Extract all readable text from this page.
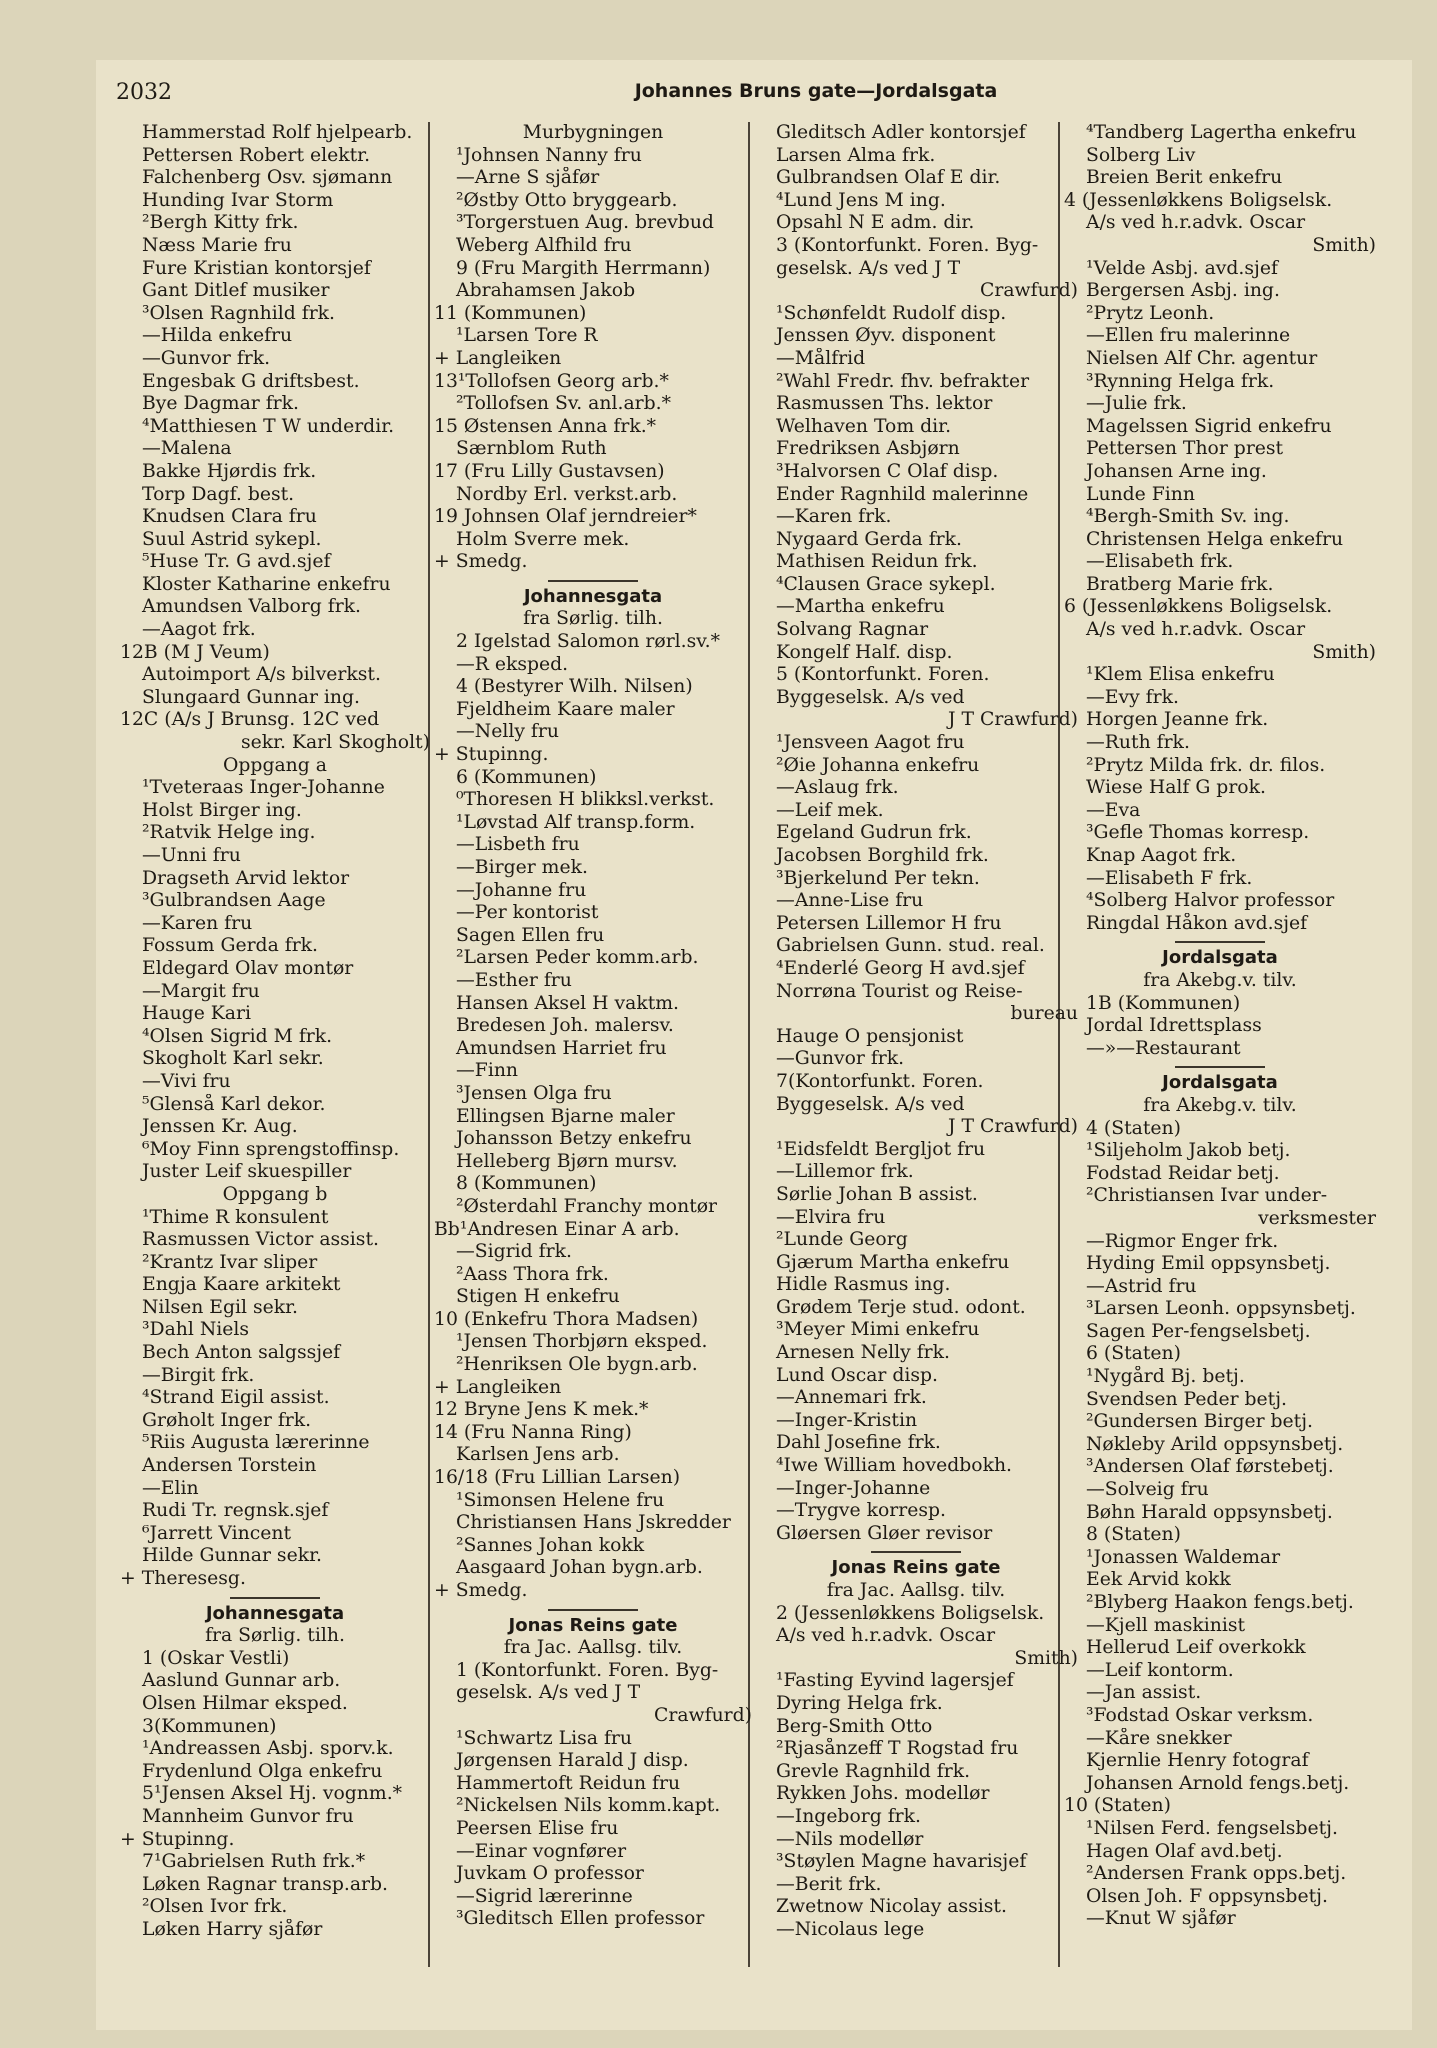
2032	Johannes Bruns gate—Jordalsgata
Hammerstad Rolf hjelpearb.
Pettersen Robert elektr.
Falchenberg Osv. sjømann
Hunding Ivar Storm
²Bergh Kitty frk.
Næss Marie fru
Fure Kristian kontorsjef
Gant Ditlef musiker
³Olsen Ragnhild frk.
—Hilda enkefru
—Gunvor frk.
Engesbak G driftsbest.
Bye Dagmar frk.
⁴Matthiesen T W underdir.
—Malena
Bakke Hjørdis frk.
Torp Dagf. best.
Knudsen Clara fru
Suul Astrid sykepl.
⁵Huse Tr. G avd.sjef
Kloster Katharine enkefru
Amundsen Valborg frk.
—Aagot frk.
12B (M J Veum)
Autoimport A/s bilverkst.
Slungaard Gunnar ing.
12C (A/s J Brunsg. 12C ved
sekr. Karl Skogholt)
Oppgang a
¹Tveteraas Inger-Johanne
Holst Birger ing.
²Ratvik Helge ing.
—Unni fru
Dragseth Arvid lektor
³Gulbrandsen Aage
—Karen fru
Fossum Gerda frk.
Eldegard Olav montør
—Margit fru
Hauge Kari
⁴Olsen Sigrid M frk.
Skogholt Karl sekr.
—Vivi fru
⁵Glenså Karl dekor.
Jenssen Kr. Aug.
⁶Moy Finn sprengstoffinsp.
Juster Leif skuespiller
Oppgang b
¹Thime R konsulent
Rasmussen Victor assist.
²Krantz Ivar sliper
Engja Kaare arkitekt
Nilsen Egil sekr.
³Dahl Niels
Bech Anton salgssjef
—Birgit frk.
⁴Strand Eigil assist.
Grøholt Inger frk.
⁵Riis Augusta lærerinne
Andersen Torstein
—Elin
Rudi Tr. regnsk.sjef
⁶Jarrett Vincent
Hilde Gunnar sekr.
+ Theresesg.
Johannesgata
fra Sørlig. tilh.
1 (Oskar Vestli)
Aaslund Gunnar arb.
Olsen Hilmar eksped.
3(Kommunen)
¹Andreassen Asbj. sporv.k.
Frydenlund Olga enkefru
5¹Jensen Aksel Hj. vognm.*
Mannheim Gunvor fru
+ Stupinng.
7¹Gabrielsen Ruth frk.*
Løken Ragnar transp.arb.
²Olsen Ivor frk.
Løken Harry sjåfør
Murbygningen
¹Johnsen Nanny fru
—Arne S sjåfør
²Østby Otto bryggearb.
³Torgerstuen Aug. brevbud
Weberg Alfhild fru
9 (Fru Margith Herrmann)
Abrahamsen Jakob
11 (Kommunen)
¹Larsen Tore R
+ Langleiken
13¹Tollofsen Georg arb.*
²Tollofsen Sv. anl.arb.*
15 Østensen Anna frk.*
Særnblom Ruth
17 (Fru Lilly Gustavsen)
Nordby Erl. verkst.arb.
19 Johnsen Olaf jerndreier*
Holm Sverre mek.
+ Smedg.
Johannesgata
fra Sørlig. tilh.
2 Igelstad Salomon rørl.sv.*
—R eksped.
4 (Bestyrer Wilh. Nilsen)
Fjeldheim Kaare maler
—Nelly fru
+ Stupinng.
6 (Kommunen)
⁰Thoresen H blikksl.verkst.
¹Løvstad Alf transp.form.
—Lisbeth fru
—Birger mek.
—Johanne fru
—Per kontorist
Sagen Ellen fru
²Larsen Peder komm.arb.
—Esther fru
Hansen Aksel H vaktm.
Bredesen Joh. malersv.
Amundsen Harriet fru
—Finn
³Jensen Olga fru
Ellingsen Bjarne maler
Johansson Betzy enkefru
Helleberg Bjørn mursv.
8 (Kommunen)
²Østerdahl Franchy montør
Bb¹Andresen Einar A arb.
—Sigrid frk.
²Aass Thora frk.
Stigen H enkefru
10 (Enkefru Thora Madsen)
¹Jensen Thorbjørn eksped.
²Henriksen Ole bygn.arb.
+ Langleiken
12 Bryne Jens K mek.*
14 (Fru Nanna Ring)
Karlsen Jens arb.
16/18 (Fru Lillian Larsen)
¹Simonsen Helene fru
Christiansen Hans Jskredder
²Sannes Johan kokk
Aasgaard Johan bygn.arb.
+ Smedg.
Jonas Reins gate
fra Jac. Aallsg. tilv.
1 (Kontorfunkt. Foren. Byg-
geselsk. A/s ved J T
Crawfurd)
¹Schwartz Lisa fru
Jørgensen Harald J disp.
Hammertoft Reidun fru
²Nickelsen Nils komm.kapt.
Peersen Elise fru
—Einar vognfører
Juvkam O professor
—Sigrid lærerinne
³Gleditsch Ellen professor
Gleditsch Adler kontorsjef
Larsen Alma frk.
Gulbrandsen Olaf E dir.
⁴Lund Jens M ing.
Opsahl N E adm. dir.
3 (Kontorfunkt. Foren. Byg-
geselsk. A/s ved J T
Crawfurd)
¹Schønfeldt Rudolf disp.
Jenssen Øyv. disponent
—Målfrid
²Wahl Fredr. fhv. befrakter
Rasmussen Ths. lektor
Welhaven Tom dir.
Fredriksen Asbjørn
³Halvorsen C Olaf disp.
Ender Ragnhild malerinne
—Karen frk.
Nygaard Gerda frk.
Mathisen Reidun frk.
⁴Clausen Grace sykepl.
—Martha enkefru
Solvang Ragnar
Kongelf Half. disp.
5 (Kontorfunkt. Foren.
Byggeselsk. A/s ved
J T Crawfurd)
¹Jensveen Aagot fru
²Øie Johanna enkefru
—Aslaug frk.
—Leif mek.
Egeland Gudrun frk.
Jacobsen Borghild frk.
³Bjerkelund Per tekn.
—Anne-Lise fru
Petersen Lillemor H fru
Gabrielsen Gunn. stud. real.
⁴Enderlé Georg H avd.sjef
Norrøna Tourist og Reise-
bureau
Hauge O pensjonist
—Gunvor frk.
7(Kontorfunkt. Foren.
Byggeselsk. A/s ved
J T Crawfurd)
¹Eidsfeldt Bergljot fru
—Lillemor frk.
Sørlie Johan B assist.
—Elvira fru
²Lunde Georg
Gjærum Martha enkefru
Hidle Rasmus ing.
Grødem Terje stud. odont.
³Meyer Mimi enkefru
Arnesen Nelly frk.
Lund Oscar disp.
—Annemari frk.
—Inger-Kristin
Dahl Josefine frk.
⁴Iwe William hovedbokh.
—Inger-Johanne
—Trygve korresp.
Gløersen Gløer revisor
Jonas Reins gate
fra Jac. Aallsg. tilv.
2 (Jessenløkkens Boligselsk.
A/s ved h.r.advk. Oscar
Smith)
¹Fasting Eyvind lagersjef
Dyring Helga frk.
Berg-Smith Otto
²Rjasånzeff T Rogstad fru
Grevle Ragnhild frk.
Rykken Johs. modellør
—Ingeborg frk.
—Nils modellør
³Støylen Magne havarisjef
—Berit frk.
Zwetnow Nicolay assist.
—Nicolaus lege
⁴Tandberg Lagertha enkefru
Solberg Liv
Breien Berit enkefru
4 (Jessenløkkens Boligselsk.
A/s ved h.r.advk. Oscar
Smith)
¹Velde Asbj. avd.sjef
Bergersen Asbj. ing.
²Prytz Leonh.
—Ellen fru malerinne
Nielsen Alf Chr. agentur
³Rynning Helga frk.
—Julie frk.
Magelssen Sigrid enkefru
Pettersen Thor prest
Johansen Arne ing.
Lunde Finn
⁴Bergh-Smith Sv. ing.
Christensen Helga enkefru
—Elisabeth frk.
Bratberg Marie frk.
6 (Jessenløkkens Boligselsk.
A/s ved h.r.advk. Oscar
Smith)
¹Klem Elisa enkefru
—Evy frk.
Horgen Jeanne frk.
—Ruth frk.
²Prytz Milda frk. dr. filos.
Wiese Half G prok.
—Eva
³Gefle Thomas korresp.
Knap Aagot frk.
—Elisabeth F frk.
⁴Solberg Halvor professor
Ringdal Håkon avd.sjef
Jordalsgata
fra Akebg.v. tilv.
1B (Kommunen)
Jordal Idrettsplass
—»—Restaurant
Jordalsgata
fra Akebg.v. tilv.
4 (Staten)
¹Siljeholm Jakob betj.
Fodstad Reidar betj.
²Christiansen Ivar under-
verksmester
—Rigmor Enger frk.
Hyding Emil oppsynsbetj.
—Astrid fru
³Larsen Leonh. oppsynsbetj.
Sagen Per-fengselsbetj.
6 (Staten)
¹Nygård Bj. betj.
Svendsen Peder betj.
²Gundersen Birger betj.
Nøkleby Arild oppsynsbetj.
³Andersen Olaf førstebetj.
—Solveig fru
Bøhn Harald oppsynsbetj.
8 (Staten)
¹Jonassen Waldemar
Eek Arvid kokk
²Blyberg Haakon fengs.betj.
—Kjell maskinist
Hellerud Leif overkokk
—Leif kontorm.
—Jan assist.
³Fodstad Oskar verksm.
—Kåre snekker
Kjernlie Henry fotograf
Johansen Arnold fengs.betj.
10 (Staten)
¹Nilsen Ferd. fengselsbetj.
Hagen Olaf avd.betj.
²Andersen Frank opps.betj.
Olsen Joh. F oppsynsbetj.
—Knut W sjåfør
